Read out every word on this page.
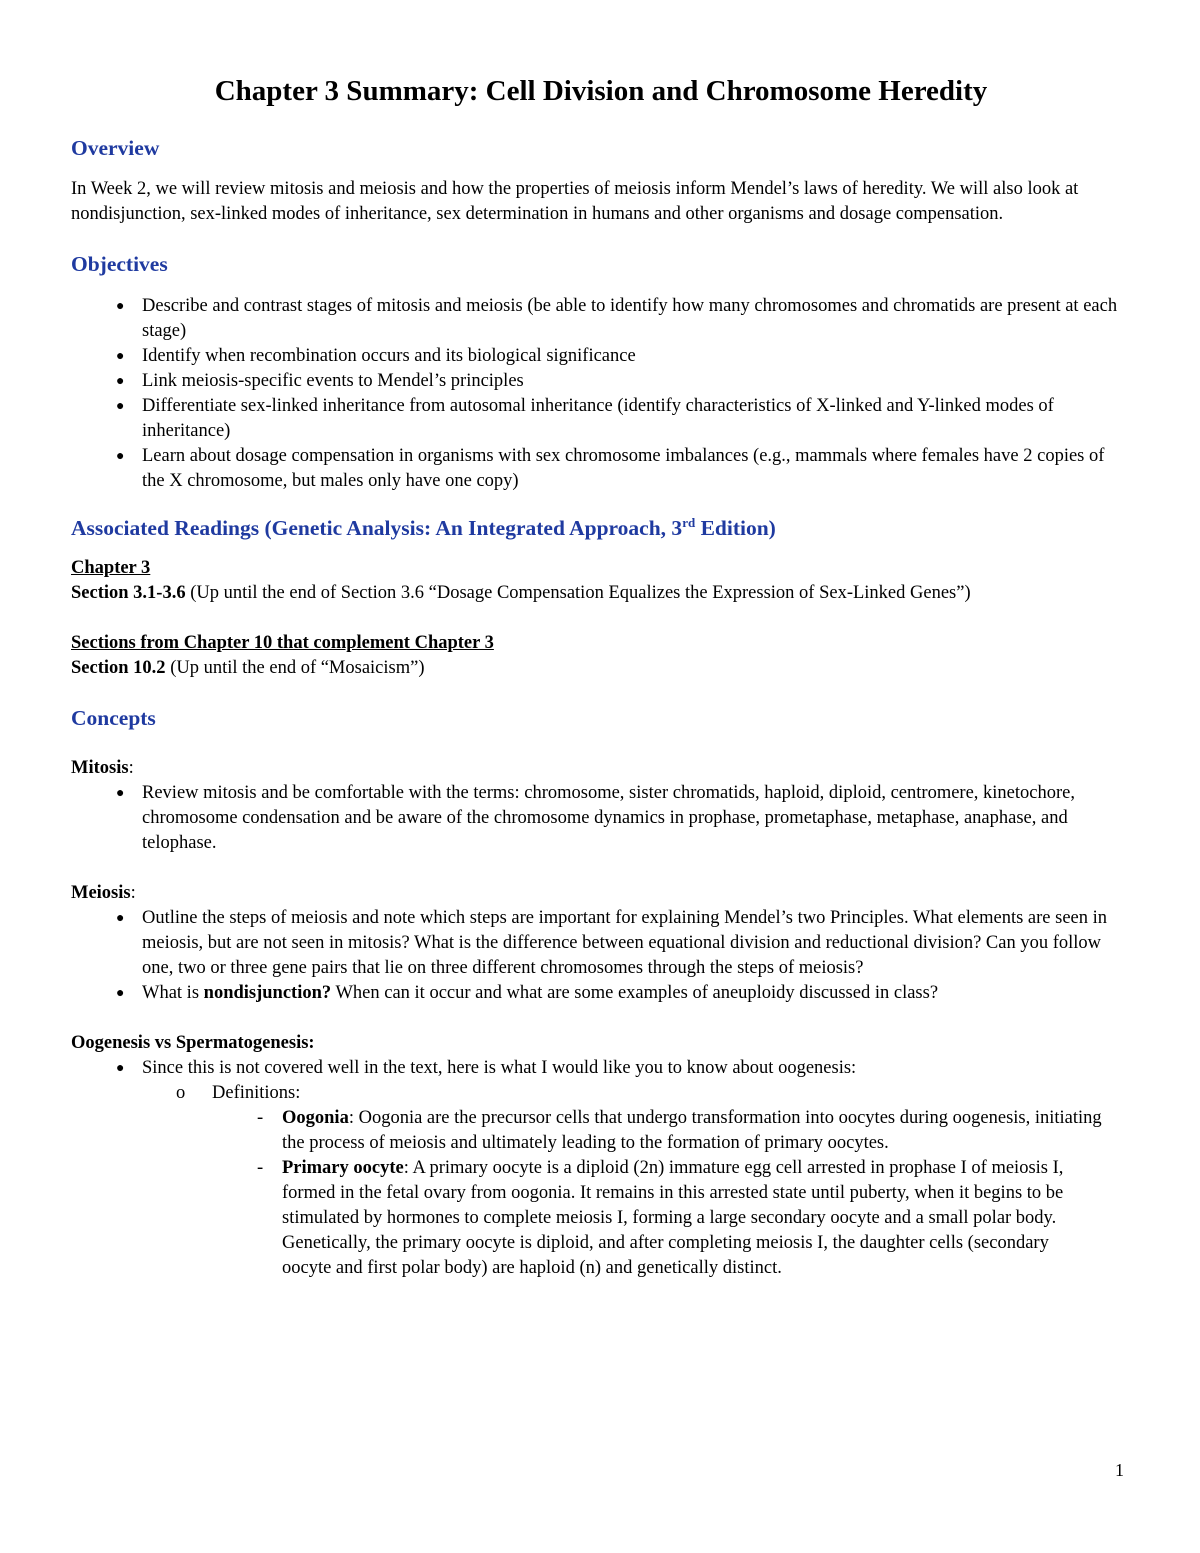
Chapter 3 Summary: Cell Division and Chromosome Heredity
Overview

In Week 2, we will review mitosis and meiosis and how the properties of meiosis inform Mendel’s laws of heredity. We will also look at nondisjunction, sex-linked modes of inheritance, sex determination in humans and other organisms and dosage compensation.

Objectives
● Describe and contrast stages of mitosis and meiosis (be able to identify how many chromosomes and chromatids are present at each stage)
● Identify when recombination occurs and its biological significance
● Link meiosis-specific events to Mendel’s principles
● Differentiate sex-linked inheritance from autosomal inheritance (identify characteristics of X-linked and Y-linked modes of inheritance)
● Learn about dosage compensation in organisms with sex chromosome imbalances (e.g., mammals where females have 2 copies of the X chromosome, but males only have one copy)
Associated Readings (Genetic Analysis: An Integrated Approach, 3rd Edition)

Chapter 3

Section 3.1-3.6 (Up until the end of Section 3.6 “Dosage Compensation Equalizes the Expression of Sex-Linked Genes”)

Sections from Chapter 10 that complement Chapter 3

Section 10.2 (Up until the end of “Mosaicism”)

Concepts

Mitosis:

● Review mitosis and be comfortable with the terms: chromosome, sister chromatids, haploid, diploid, centromere, kinetochore, chromosome condensation and be aware of the chromosome dynamics in prophase, prometaphase, metaphase, anaphase, and telophase.

Meiosis:

● Outline the steps of meiosis and note which steps are important for explaining Mendel’s two Principles. What elements are seen in meiosis, but are not seen in mitosis? What is the difference between equational division and reductional division? Can you follow one, two or three gene pairs that lie on three different chromosomes through the steps of meiosis?
● What is nondisjunction? When can it occur and what are some examples of aneuploidy discussed in class?

Oogenesis vs Spermatogenesis:

● Since this is not covered well in the text, here is what I would like you to know about oogenesis:
o Definitions:
- Oogonia: Oogonia are the precursor cells that undergo transformation into oocytes during oogenesis, initiating the process of meiosis and ultimately leading to the formation of primary oocytes.
- Primary oocyte: A primary oocyte is a diploid (2n) immature egg cell arrested in prophase I of meiosis I, formed in the fetal ovary from oogonia. It remains in this arrested state until puberty, when it begins to be stimulated by hormones to complete meiosis I, forming a large secondary oocyte and a small polar body. Genetically, the primary oocyte is diploid, and after completing meiosis I, the daughter cells (secondary oocyte and first polar body) are haploid (n) and genetically distinct.
1
